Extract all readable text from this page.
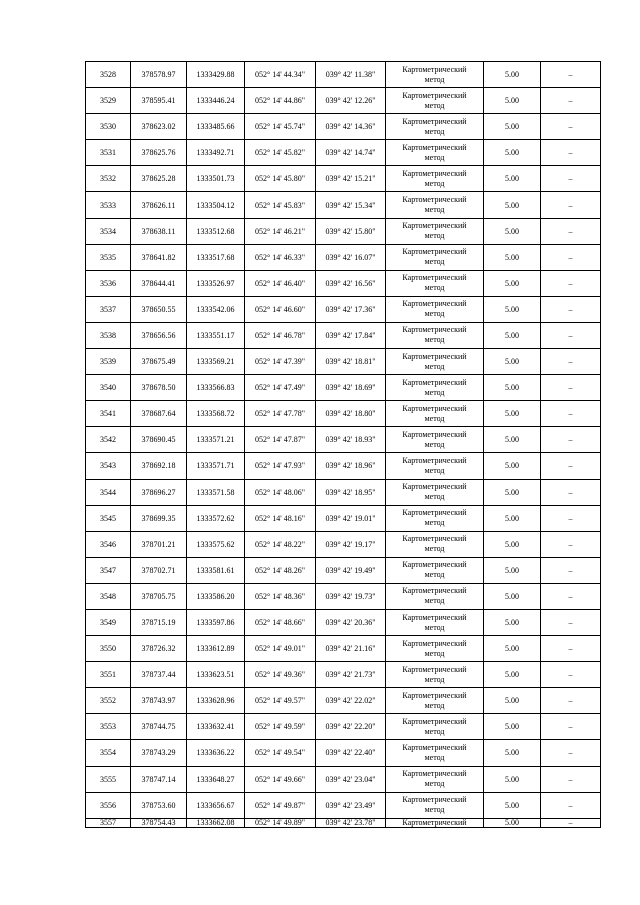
3528	378578.97	1333429.88	052° 14' 44.34"	039° 42' 11.38"	Картометрический
метод	5.00	–
3529	378595.41	1333446.24	052° 14' 44.86"	039° 42' 12.26"	Картометрический
метод	5.00	–
3530	378623.02	1333485.66	052° 14' 45.74"	039° 42' 14.36"	Картометрический
метод	5.00	–
3531	378625.76	1333492.71	052° 14' 45.82"	039° 42' 14.74"	Картометрический
метод	5.00	–
3532	378625.28	1333501.73	052° 14' 45.80"	039° 42' 15.21"	Картометрический
метод	5.00	–
3533	378626.11	1333504.12	052° 14' 45.83"	039° 42' 15.34"	Картометрический
метод	5.00	–
3534	378638.11	1333512.68	052° 14' 46.21"	039° 42' 15.80"	Картометрический
метод	5.00	–
3535	378641.82	1333517.68	052° 14' 46.33"	039° 42' 16.07"	Картометрический
метод	5.00	–
3536	378644.41	1333526.97	052° 14' 46.40"	039° 42' 16.56"	Картометрический
метод	5.00	–
3537	378650.55	1333542.06	052° 14' 46.60"	039° 42' 17.36"	Картометрический
метод	5.00	–
3538	378656.56	1333551.17	052° 14' 46.78"	039° 42' 17.84"	Картометрический
метод	5.00	–
3539	378675.49	1333569.21	052° 14' 47.39"	039° 42' 18.81"	Картометрический
метод	5.00	–
3540	378678.50	1333566.83	052° 14' 47.49"	039° 42' 18.69"	Картометрический
метод	5.00	–
3541	378687.64	1333568.72	052° 14' 47.78"	039° 42' 18.80"	Картометрический
метод	5.00	–
3542	378690.45	1333571.21	052° 14' 47.87"	039° 42' 18.93"	Картометрический
метод	5.00	–
3543	378692.18	1333571.71	052° 14' 47.93"	039° 42' 18.96"	Картометрический
метод	5.00	–
3544	378696.27	1333571.58	052° 14' 48.06"	039° 42' 18.95"	Картометрический
метод	5.00	–
3545	378699.35	1333572.62	052° 14' 48.16"	039° 42' 19.01"	Картометрический
метод	5.00	–
3546	378701.21	1333575.62	052° 14' 48.22"	039° 42' 19.17"	Картометрический
метод	5.00	–
3547	378702.71	1333581.61	052° 14' 48.26"	039° 42' 19.49"	Картометрический
метод	5.00	–
3548	378705.75	1333586.20	052° 14' 48.36"	039° 42' 19.73"	Картометрический
метод	5.00	–
3549	378715.19	1333597.86	052° 14' 48.66"	039° 42' 20.36"	Картометрический
метод	5.00	–
3550	378726.32	1333612.89	052° 14' 49.01"	039° 42' 21.16"	Картометрический
метод	5.00	–
3551	378737.44	1333623.51	052° 14' 49.36"	039° 42' 21.73"	Картометрический
метод	5.00	–
3552	378743.97	1333628.96	052° 14' 49.57"	039° 42' 22.02"	Картометрический
метод	5.00	–
3553	378744.75	1333632.41	052° 14' 49.59"	039° 42' 22.20"	Картометрический
метод	5.00	–
3554	378743.29	1333636.22	052° 14' 49.54"	039° 42' 22.40"	Картометрический
метод	5.00	–
3555	378747.14	1333648.27	052° 14' 49.66"	039° 42' 23.04"	Картометрический
метод	5.00	–
3556	378753.60	1333656.67	052° 14' 49.87"	039° 42' 23.49"	Картометрический
метод	5.00	–
3557	378754.43	1333662.08	052° 14' 49.89"	039° 42' 23.78"	Картометрический	5.00	–
